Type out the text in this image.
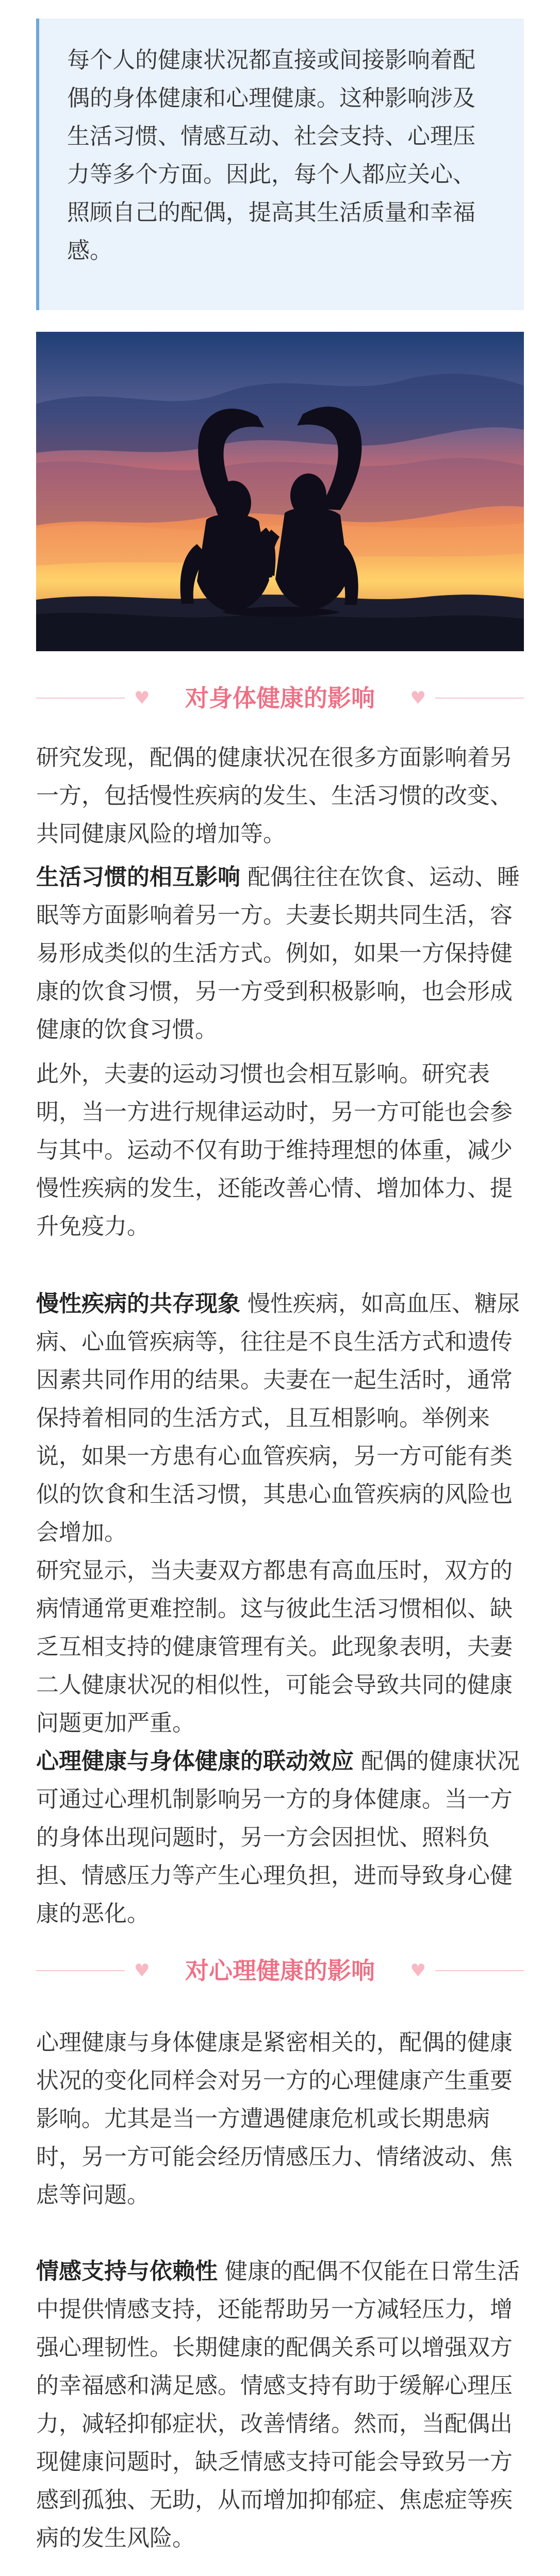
每个人的健康状况都直接或间接影响着配偶的身体健康和心理健康。这种影响涉及生活习惯、情感互动、社会支持、心理压力等多个方面。因此，每个人都应关心、照顾自己的配偶，提高其生活质量和幸福感。

♥ 对身体健康的影响 ♥

研究发现，配偶的健康状况在很多方面影响着另一方，包括慢性疾病的发生、生活习惯的改变、共同健康风险的增加等。

生活习惯的相互影响 配偶往往在饮食、运动、睡眠等方面影响着另一方。夫妻长期共同生活，容易形成类似的生活方式。例如，如果一方保持健康的饮食习惯，另一方受到积极影响，也会形成健康的饮食习惯。

此外，夫妻的运动习惯也会相互影响。研究表明，当一方进行规律运动时，另一方可能也会参与其中。运动不仅有助于维持理想的体重，减少慢性疾病的发生，还能改善心情、增加体力、提升免疫力。

慢性疾病的共存现象 慢性疾病，如高血压、糖尿病、心血管疾病等，往往是不良生活方式和遗传因素共同作用的结果。夫妻在一起生活时，通常保持着相同的生活方式，且互相影响。举例来说，如果一方患有心血管疾病，另一方可能有类似的饮食和生活习惯，其患心血管疾病的风险也会增加。

研究显示，当夫妻双方都患有高血压时，双方的病情通常更难控制。这与彼此生活习惯相似、缺乏互相支持的健康管理有关。此现象表明，夫妻二人健康状况的相似性，可能会导致共同的健康问题更加严重。

心理健康与身体健康的联动效应 配偶的健康状况可通过心理机制影响另一方的身体健康。当一方的身体出现问题时，另一方会因担忧、照料负担、情感压力等产生心理负担，进而导致身心健康的恶化。

♥ 对心理健康的影响 ♥

心理健康与身体健康是紧密相关的，配偶的健康状况的变化同样会对另一方的心理健康产生重要影响。尤其是当一方遭遇健康危机或长期患病时，另一方可能会经历情感压力、情绪波动、焦虑等问题。

情感支持与依赖性 健康的配偶不仅能在日常生活中提供情感支持，还能帮助另一方减轻压力，增强心理韧性。长期健康的配偶关系可以增强双方的幸福感和满足感。情感支持有助于缓解心理压力，减轻抑郁症状，改善情绪。然而，当配偶出现健康问题时，缺乏情感支持可能会导致另一方感到孤独、无助，从而增加抑郁症、焦虑症等疾病的发生风险。
